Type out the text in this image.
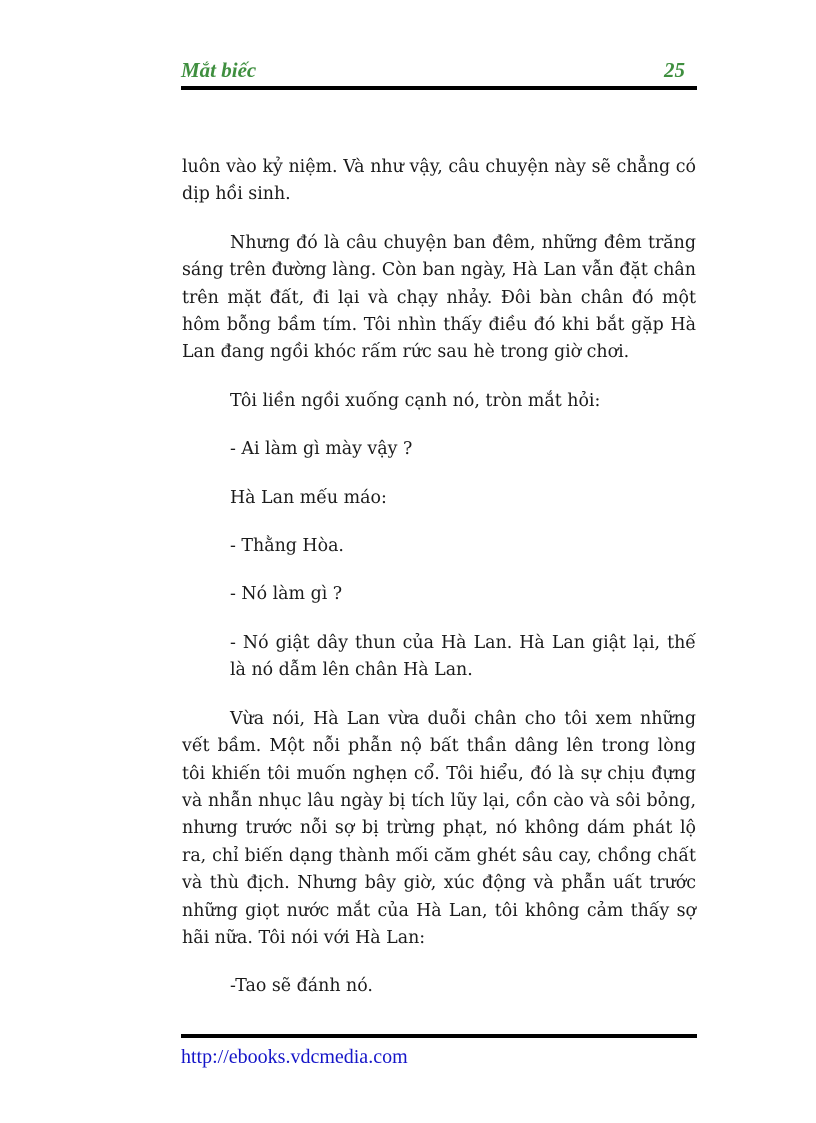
Mắt biếc	25

luôn vào kỷ niệm. Và như vậy, câu chuyện này sẽ chẳng có dịp hồi sinh.

Nhưng đó là câu chuyện ban đêm, những đêm trăng sáng trên đường làng. Còn ban ngày, Hà Lan vẫn đặt chân trên mặt đất, đi lại và chạy nhảy. Đôi bàn chân đó một hôm bỗng bầm tím. Tôi nhìn thấy điều đó khi bắt gặp Hà Lan đang ngồi khóc rấm rức sau hè trong giờ chơi.

Tôi liền ngồi xuống cạnh nó, tròn mắt hỏi:

- Ai làm gì mày vậy ?

Hà Lan mếu máo:

- Thằng Hòa.

- Nó làm gì ?

- Nó giật dây thun của Hà Lan. Hà Lan giật lại, thế là nó dẫm lên chân Hà Lan.

Vừa nói, Hà Lan vừa duỗi chân cho tôi xem những vết bầm. Một nỗi phẫn nộ bất thần dâng lên trong lòng tôi khiến tôi muốn nghẹn cổ. Tôi hiểu, đó là sự chịu đựng và nhẫn nhục lâu ngày bị tích lũy lại, cồn cào và sôi bỏng, nhưng trước nỗi sợ bị trừng phạt, nó không dám phát lộ ra, chỉ biến dạng thành mối căm ghét sâu cay, chồng chất và thù địch. Nhưng bây giờ, xúc động và phẫn uất trước những giọt nước mắt của Hà Lan, tôi không cảm thấy sợ hãi nữa. Tôi nói với Hà Lan:

-Tao sẽ đánh nó.

http://ebooks.vdcmedia.com
